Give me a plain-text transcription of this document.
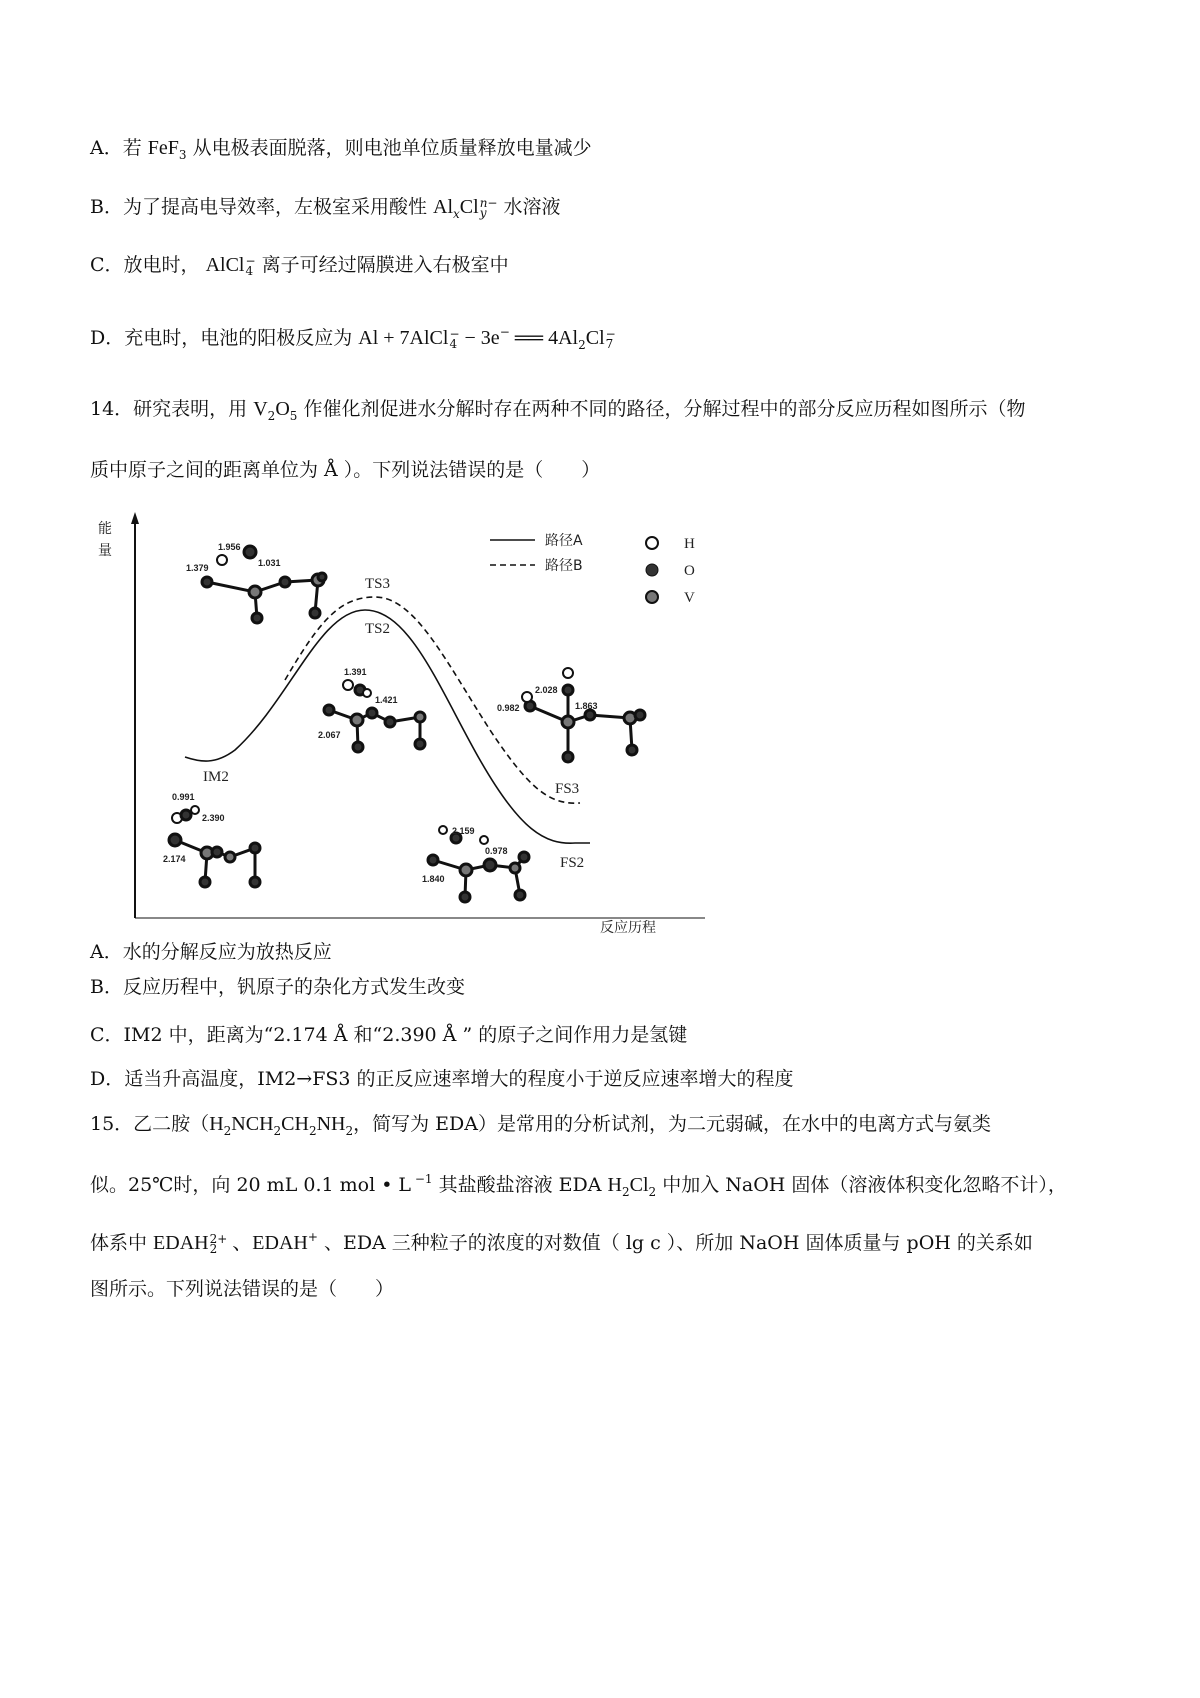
A．若 FeF$_3$ 从电极表面脱落，则电池单位质量释放电量减少
B．为了提高电导效率，左极室采用酸性 $Al_xCl$ n−
y 水溶液
C．放电时， AlCl −
4 离子可经过隔膜进入右极室中
D．充电时，电池的阳极反应为 Al + 7AlCl −
4 − 3e− ══ $4Al_2Cl$ −
7
14．研究表明，用 $V_2O_5$ 作催化剂促进水分解时存在两种不同的路径，分解过程中的部分反应历程如图所示（物
质中原子之间的距离单位为 Å ）。下列说法错误的是（　　）
能
量
反应历程
路径A
路径B
H
O
V
TS3
TS2
IM2
FS3
FS2
1.956
1.031
1.379
1.391
1.421
2.067
0.982
2.028
1.863
0.991
2.390
2.174
2.159
0.978
1.840
A．水的分解反应为放热反应
B．反应历程中，钒原子的杂化方式发生改变
C．IM2 中，距离为“2.174 Å 和“2.390 Å ” 的原子之间作用力是氢键
D．适当升高温度，IM2→FS3 的正反应速率增大的程度小于逆反应速率增大的程度
15．乙二胺（$H_2NCH_2CH_2NH_2$，简写为 EDA）是常用的分析试剂，为二元弱碱，在水中的电离方式与氨类
似。25℃时，向 20 mL 0.1 mol • L $^{-1}$ 其盐酸盐溶液 EDA $H_2Cl_2$ 中加入 NaOH 固体（溶液体积变化忽略不计），
体系中 EDAH 2+
2 、EDAH+ 、EDA 三种粒子的浓度的对数值（ lg c ）、所加 NaOH 固体质量与 pOH 的关系如
图所示。下列说法错误的是（　　）
